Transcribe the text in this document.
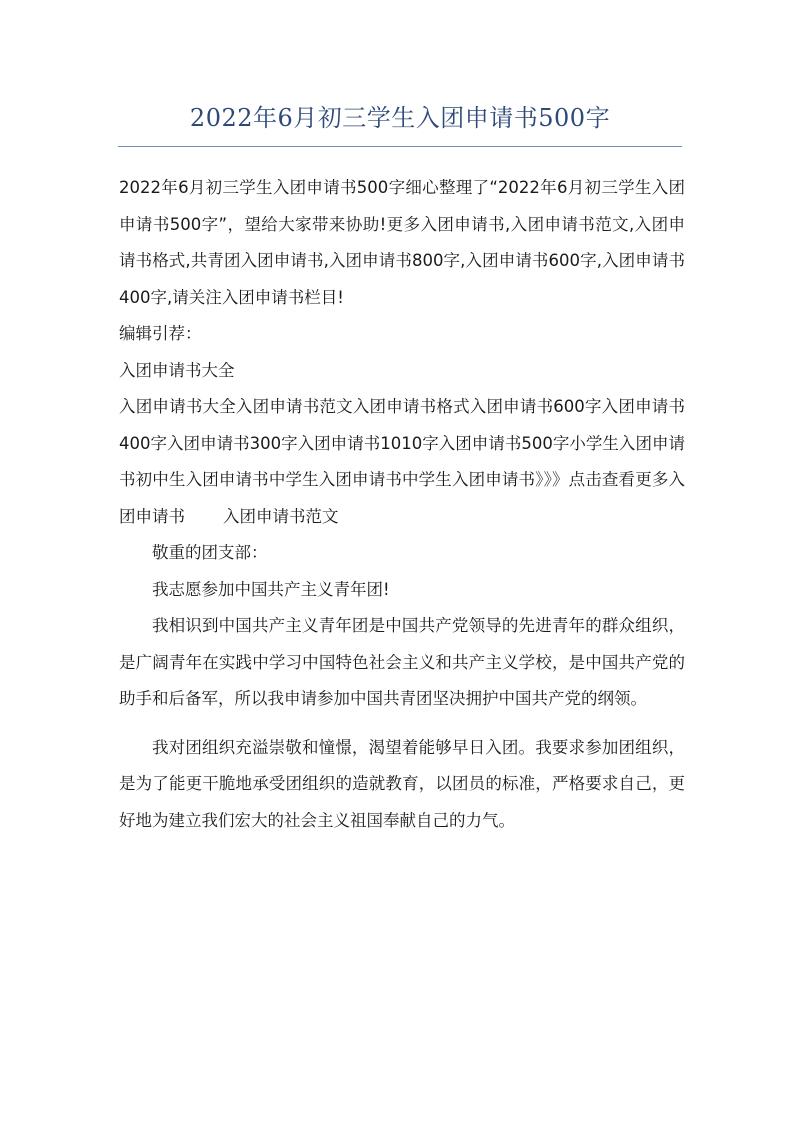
2022年6月初三学生入团申请书500字

2022年6月初三学生入团申请书500字细心整理了“2022年6月初三学生入团申请书500字”，望给大家带来协助!更多入团申请书,入团申请书范文,入团申请书格式,共青团入团申请书,入团申请书800字,入团申请书600字,入团申请书400字,请关注入团申请书栏目!

编辑引荐：

入团申请书大全

入团申请书大全入团申请书范文入团申请书格式入团申请书600字入团申请书400字入团申请书300字入团申请书1010字入团申请书500字小学生入团申请书初中生入团申请书中学生入团申请书中学生入团申请书》》》点击查看更多入团申请书 入团申请书范文

敬重的团支部：

我志愿参加中国共产主义青年团!

我相识到中国共产主义青年团是中国共产党领导的先进青年的群众组织，是广阔青年在实践中学习中国特色社会主义和共产主义学校，是中国共产党的助手和后备军，所以我申请参加中国共青团坚决拥护中国共产党的纲领。

我对团组织充溢崇敬和憧憬，渴望着能够早日入团。我要求参加团组织，是为了能更干脆地承受团组织的造就教育，以团员的标准，严格要求自己，更好地为建立我们宏大的社会主义祖国奉献自己的力气。
